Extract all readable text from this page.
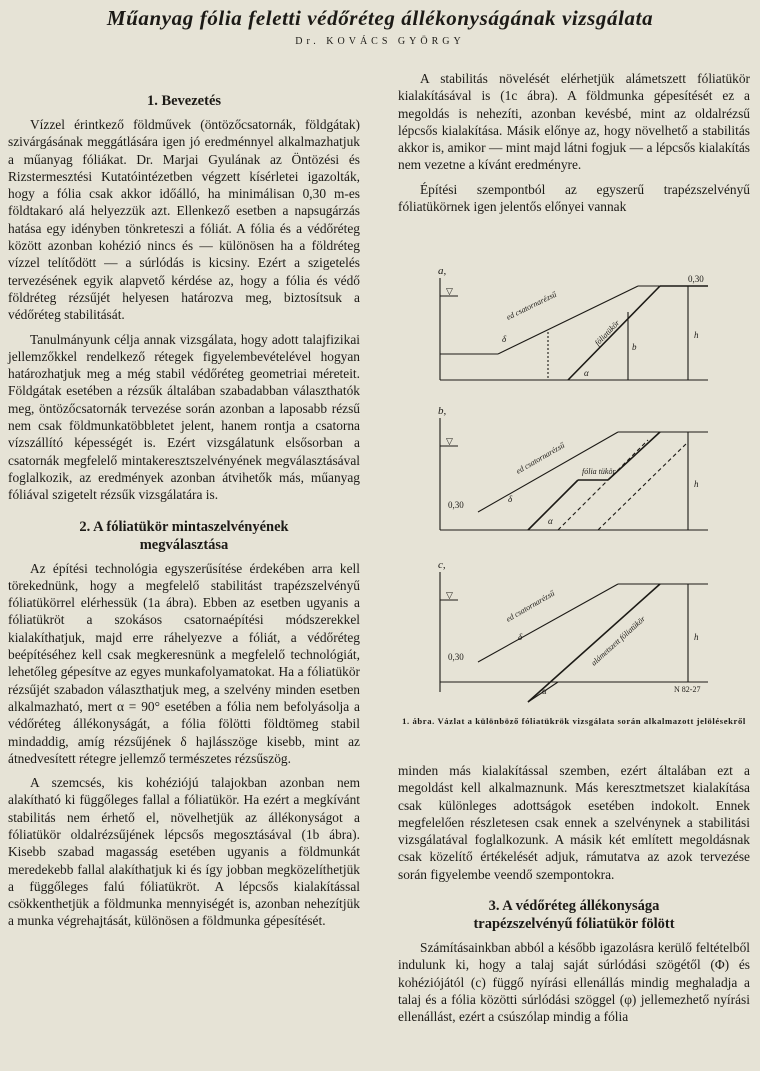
Műanyag fólia feletti védőréteg állékonyságának vizsgálata
Dr. KOVÁCS GYÖRGY
1. Bevezetés

Vízzel érintkező földművek (öntözőcsatornák, földgátak) szivárgásának meggátlására igen jó eredménnyel alkalmazhatjuk a műanyag fóliákat. Dr. Marjai Gyulának az Öntözési és Rizstermesztési Kutatóintézetben végzett kísérletei igazolták, hogy a fólia csak akkor időálló, ha minimálisan 0,30 m-es földtakaró alá helyezzük azt. Ellenkező esetben a napsugárzás hatása egy idényben tönkreteszi a fóliát. A fólia és a védőréteg között azonban kohézió nincs és — különösen ha a földréteg vízzel telítődött — a súrlódás is kicsiny. Ezért a szigetelés tervezésének egyik alapvető kérdése az, hogy a fólia és védő földréteg rézsűjét helyesen határozva meg, biztosítsuk a védőréteg stabilitását.

Tanulmányunk célja annak vizsgálata, hogy adott talajfizikai jellemzőkkel rendelkező rétegek figyelembevételével hogyan határozhatjuk meg a még stabil védőréteg geometriai méreteit. Földgátak esetében a rézsűk általában szabadabban választhatók meg, öntözőcsatornák tervezése során azonban a laposabb rézsű nem csak földmunkatöbbletet jelent, hanem rontja a csatorna vízszállító képességét is. Ezért vizsgálatunk elsősorban a csatornák megfelelő mintakeresztszelvényének megválasztásával foglalkozik, az eredmények azonban átvihetők más, műanyag fóliával szigetelt rézsűk vizsgálatára is.

2. A fóliatükör mintaszelvényének
megválasztása

Az építési technológia egyszerűsítése érdekében arra kell törekednünk, hogy a megfelelő stabilitást trapézszelvényű fóliatükörrel elérhessük (1a ábra). Ebben az esetben ugyanis a fóliatükröt a szokásos csatornaépítési módszerekkel kialakíthatjuk, majd erre ráhelyezve a fóliát, a védőréteg beépítéséhez kell csak megkeresnünk a megfelelő technológiát, lehetőleg gépesítve az egyes munkafolyamatokat. Ha a fóliatükör rézsűjét szabadon választhatjuk meg, a szelvény minden esetben alkalmazható, mert α = 90° esetében a fólia nem befolyásolja a védőréteg állékonyságát, a fólia fölötti földtömeg stabil mindaddig, amíg rézsűjének δ hajlásszöge kisebb, mint az átnedvesített rétegre jellemző természetes rézsűszög.

A szemcsés, kis kohéziójú talajokban azonban nem alakítható ki függőleges fallal a fóliatükör. Ha ezért a megkívánt stabilitás nem érhető el, növelhetjük az állékonyságot a fóliatükör oldalrézsűjének lépcsős megosztásával (1b ábra). Kisebb szabad magasság esetében ugyanis a földmunkát meredekebb fallal alakíthatjuk ki és így jobban megközelíthetjük a függőleges falú fóliatükröt. A lépcsős kialakítással csökkenthetjük a földmunka mennyiségét is, azonban nehezítjük a munka végrehajtását, különösen a földmunka gépesítését.

A stabilitás növelését elérhetjük alámetszett fóliatükör kialakításával is (1c ábra). A földmunka gépesítését ez a megoldás is nehezíti, azonban kevésbé, mint az oldalrézsű lépcsős kialakítása. Másik előnye az, hogy növelhető a stabilitás akkor is, amikor — mint majd látni fogjuk — a lépcsős kialakítás nem vezetne a kívánt eredményre.

Építési szempontból az egyszerű trapézszelvényű fóliatükörnek igen jelentős előnyei vannak

a,
▽
0,30
h
b
δ
α
ed csatornarézsű
fóliatükör
b,
▽
h
0,30
δ
α
ed csatornarézsű fólia tükör
c,
▽
h
0,30
δ
α
ed csatornarézsű
alámetszett fóliatükör
N 82-27
1. ábra. Vázlat a különböző fóliatükrök vizsgálata során alkalmazott jelölésekről

minden más kialakítással szemben, ezért általában ezt a megoldást kell alkalmaznunk. Más keresztmetszet kialakítása csak különleges adottságok esetében indokolt. Ennek megfelelően részletesen csak ennek a szelvénynek a stabilitási vizsgálatával foglalkozunk. A másik két említett megoldásnak csak közelítő értékelését adjuk, rámutatva az azok tervezése során figyelembe veendő szempontokra.

3. A védőréteg állékonysága
trapézszelvényű fóliatükör fölött

Számításainkban abból a később igazolásra kerülő feltételből indulunk ki, hogy a talaj saját súrlódási szögétől (Φ) és kohéziójától (c) függő nyírási ellenállás mindig meghaladja a talaj és a fólia közötti súrlódási szöggel (φ) jellemezhető nyírási ellenállást, ezért a csúszólap mindig a fólia
